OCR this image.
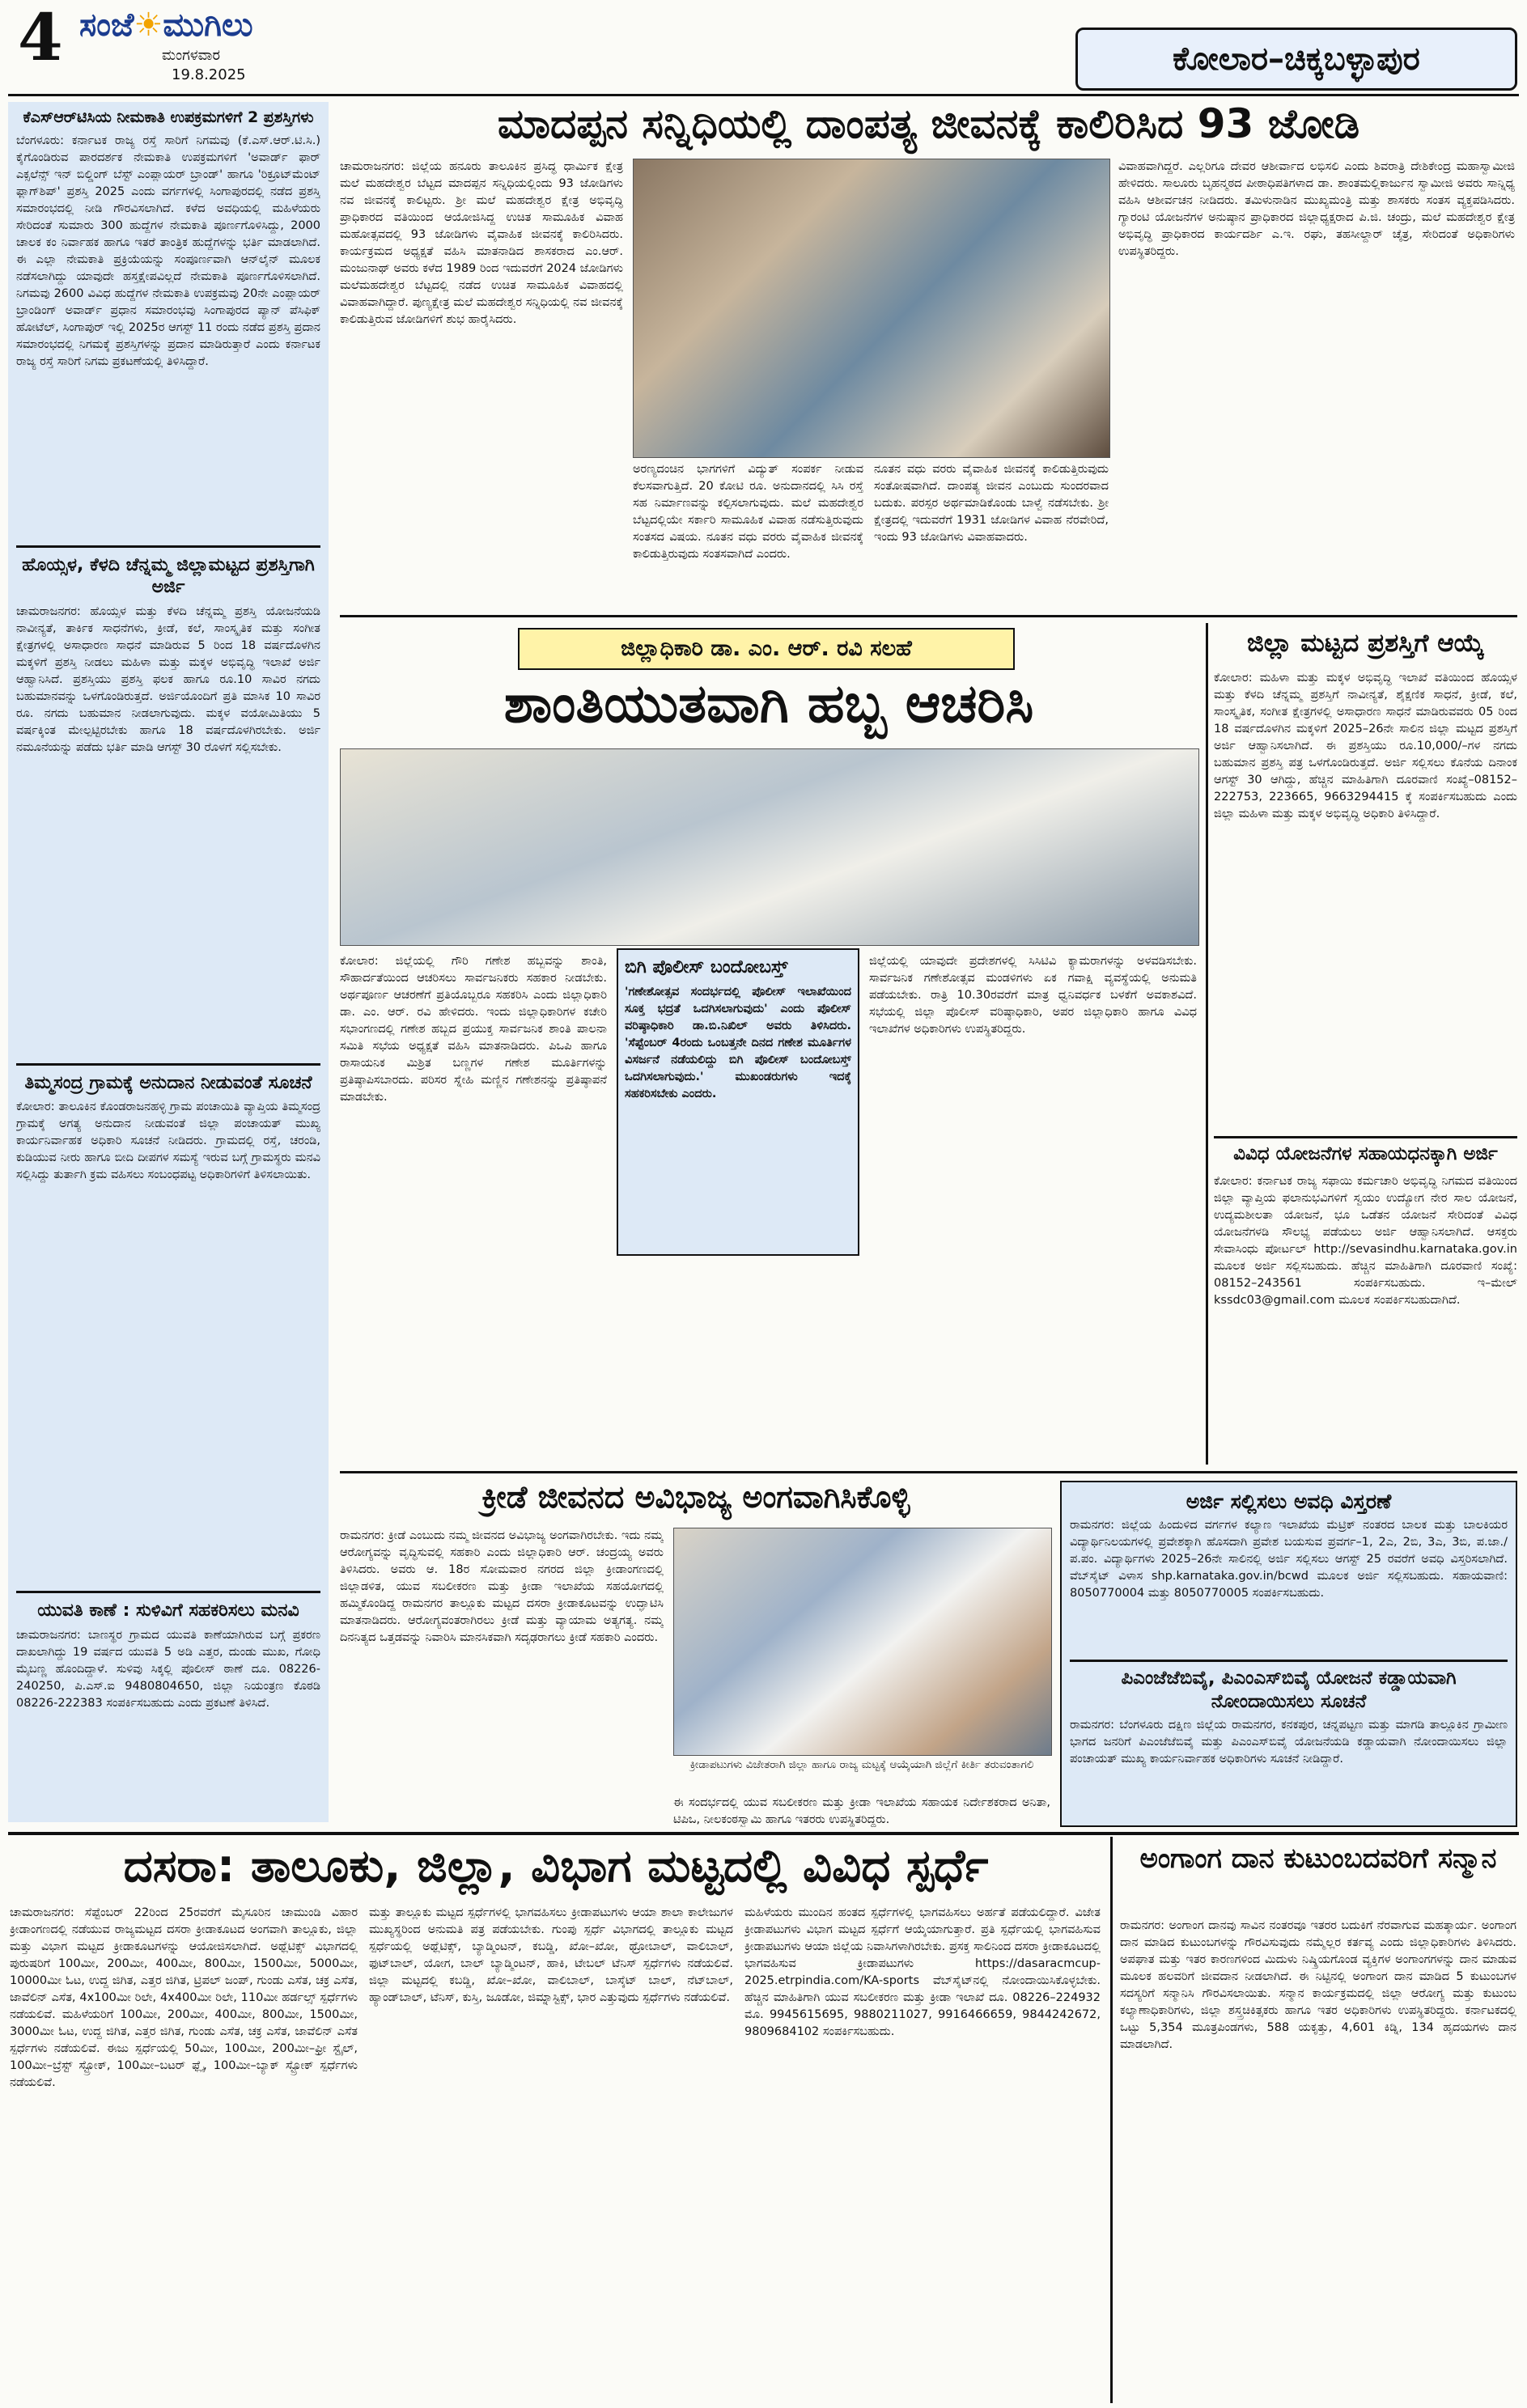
4 ಸಂಜೆ☀ಮುಗಿಲು
ಮಂಗಳವಾರ
19.8.2025	ಕೋಲಾರ–ಚಿಕ್ಕಬಳ್ಳಾಪುರ
ಕೆಎಸ್‌ಆರ್‌ಟಿಸಿಯ ನೀಮಕಾತಿ ಉಪಕ್ರಮಗಳಿಗೆ 2 ಪ್ರಶಸ್ತಿಗಳು
ಬೆಂಗಳೂರು: ಕರ್ನಾಟಕ ರಾಜ್ಯ ರಸ್ತೆ ಸಾರಿಗೆ ನಿಗಮವು (ಕೆ.ಎಸ್.ಆರ್.ಟಿ.ಸಿ.) ಕೈಗೊಂಡಿರುವ ಪಾರದರ್ಶಕ ನೇಮಕಾತಿ ಉಪಕ್ರಮಗಳಿಗೆ 'ಅವಾರ್ಡ್ ಫಾರ್ ಎಕ್ಸಲೆನ್ಸ್ ಇನ್ ಬಿಲ್ಡಿಂಗ್ ಬೆಸ್ಟ್ ಎಂಪ್ಲಾಯರ್ ಬ್ರಾಂಡ್' ಹಾಗೂ 'ರಿಕ್ರೂಟ್‌ಮೆಂಟ್ ಫ್ಲಾಗ್‌ಶಿಪ್' ಪ್ರಶಸ್ತಿ 2025 ಎಂದು ವರ್ಗಗಳಲ್ಲಿ ಸಿಂಗಾಪುರದಲ್ಲಿ ನಡೆದ ಪ್ರಶಸ್ತಿ ಸಮಾರಂಭದಲ್ಲಿ ನೀಡಿ ಗೌರವಿಸಲಾಗಿದೆ. ಕಳೆದ ಅವಧಿಯಲ್ಲಿ ಮಹಿಳೆಯರು ಸೇರಿದಂತೆ ಸುಮಾರು 300 ಹುದ್ದೆಗಳ ನೇಮಕಾತಿ ಪೂರ್ಣಗೊಳಿಸಿದ್ದು, 2000 ಚಾಲಕ ಕಂ ನಿರ್ವಾಹಕ ಹಾಗೂ ಇತರೆ ತಾಂತ್ರಿಕ ಹುದ್ದೆಗಳನ್ನು ಭರ್ತಿ ಮಾಡಲಾಗಿದೆ. ಈ ಎಲ್ಲಾ ನೇಮಕಾತಿ ಪ್ರಕ್ರಿಯೆಯನ್ನು ಸಂಪೂರ್ಣವಾಗಿ ಆನ್‌ಲೈನ್ ಮೂಲಕ ನಡೆಸಲಾಗಿದ್ದು ಯಾವುದೇ ಹಸ್ತಕ್ಷೇಪವಿಲ್ಲದೆ ನೇಮಕಾತಿ ಪೂರ್ಣಗೊಳಿಸಲಾಗಿದೆ. ನಿಗಮವು 2600 ವಿವಿಧ ಹುದ್ದೆಗಳ ನೇಮಕಾತಿ ಉಪಕ್ರಮವು 20ನೇ ಎಂಪ್ಲಾಯರ್ ಬ್ರಾಂಡಿಂಗ್ ಅವಾರ್ಡ್ ಪ್ರಧಾನ ಸಮಾರಂಭವು ಸಿಂಗಾಪುರದ ಪ್ಯಾನ್ ಪೆಸಿಫಿಕ್ ಹೋಟೆಲ್, ಸಿಂಗಾಪುರ್ ಇಲ್ಲಿ 2025ರ ಆಗಸ್ಟ್ 11 ರಂದು ನಡೆದ ಪ್ರಶಸ್ತಿ ಪ್ರದಾನ ಸಮಾರಂಭದಲ್ಲಿ ನಿಗಮಕ್ಕೆ ಪ್ರಶಸ್ತಿಗಳನ್ನು ಪ್ರದಾನ ಮಾಡಿರುತ್ತಾರೆ ಎಂದು ಕರ್ನಾಟಕ ರಾಜ್ಯ ರಸ್ತೆ ಸಾರಿಗೆ ನಿಗಮ ಪ್ರಕಟಣೆಯಲ್ಲಿ ತಿಳಿಸಿದ್ದಾರೆ.
ಹೊಯ್ಸಳ, ಕೆಳದಿ ಚೆನ್ನಮ್ಮ ಜಿಲ್ಲಾಮಟ್ಟದ ಪ್ರಶಸ್ತಿಗಾಗಿ ಅರ್ಜಿ
ಚಾಮರಾಜನಗರ: ಹೊಯ್ಸಳ ಮತ್ತು ಕೆಳದಿ ಚೆನ್ನಮ್ಮ ಪ್ರಶಸ್ತಿ ಯೋಜನೆಯಡಿ ನಾವೀನ್ಯತೆ, ತಾರ್ಕಿಕ ಸಾಧನೆಗಳು, ಕ್ರೀಡೆ, ಕಲೆ, ಸಾಂಸ್ಕೃತಿಕ ಮತ್ತು ಸಂಗೀತ ಕ್ಷೇತ್ರಗಳಲ್ಲಿ ಅಸಾಧಾರಣ ಸಾಧನೆ ಮಾಡಿರುವ 5 ರಿಂದ 18 ವರ್ಷದೊಳಗಿನ ಮಕ್ಕಳಿಗೆ ಪ್ರಶಸ್ತಿ ನೀಡಲು ಮಹಿಳಾ ಮತ್ತು ಮಕ್ಕಳ ಅಭಿವೃದ್ಧಿ ಇಲಾಖೆ ಅರ್ಜಿ ಆಹ್ವಾನಿಸಿದೆ. ಪ್ರಶಸ್ತಿಯು ಪ್ರಶಸ್ತಿ ಫಲಕ ಹಾಗೂ ರೂ.10 ಸಾವಿರ ನಗದು ಬಹುಮಾನವನ್ನು ಒಳಗೊಂಡಿರುತ್ತದೆ. ಅರ್ಜಿಯೊಂದಿಗೆ ಪ್ರತಿ ಮಾಸಿಕ 10 ಸಾವಿರ ರೂ. ನಗದು ಬಹುಮಾನ ನೀಡಲಾಗುವುದು. ಮಕ್ಕಳ ವಯೋಮಿತಿಯು 5 ವರ್ಷಕ್ಕಿಂತ ಮೇಲ್ಪಟ್ಟಿರಬೇಕು ಹಾಗೂ 18 ವರ್ಷದೊಳಗಿರಬೇಕು. ಅರ್ಜಿ ನಮೂನೆಯನ್ನು ಪಡೆದು ಭರ್ತಿ ಮಾಡಿ ಆಗಸ್ಟ್ 30 ರೊಳಗೆ ಸಲ್ಲಿಸಬೇಕು.
ತಿಮ್ಮಸಂದ್ರ ಗ್ರಾಮಕ್ಕೆ ಅನುದಾನ ನೀಡುವಂತೆ ಸೂಚನೆ
ಕೋಲಾರ: ತಾಲೂಕಿನ ಕೊಂಡರಾಜನಹಳ್ಳಿ ಗ್ರಾಮ ಪಂಚಾಯಿತಿ ವ್ಯಾಪ್ತಿಯ ತಿಮ್ಮಸಂದ್ರ ಗ್ರಾಮಕ್ಕೆ ಅಗತ್ಯ ಅನುದಾನ ನೀಡುವಂತೆ ಜಿಲ್ಲಾ ಪಂಚಾಯತ್ ಮುಖ್ಯ ಕಾರ್ಯನಿರ್ವಾಹಕ ಅಧಿಕಾರಿ ಸೂಚನೆ ನೀಡಿದರು. ಗ್ರಾಮದಲ್ಲಿ ರಸ್ತೆ, ಚರಂಡಿ, ಕುಡಿಯುವ ನೀರು ಹಾಗೂ ಬೀದಿ ದೀಪಗಳ ಸಮಸ್ಯೆ ಇರುವ ಬಗ್ಗೆ ಗ್ರಾಮಸ್ಥರು ಮನವಿ ಸಲ್ಲಿಸಿದ್ದು ತುರ್ತಾಗಿ ಕ್ರಮ ವಹಿಸಲು ಸಂಬಂಧಪಟ್ಟ ಅಧಿಕಾರಿಗಳಿಗೆ ತಿಳಿಸಲಾಯಿತು.
ಯುವತಿ ಕಾಣೆ : ಸುಳಿವಿಗೆ ಸಹಕರಿಸಲು ಮನವಿ
ಚಾಮರಾಜನಗರ: ಬಾಣಸ್ಥರ ಗ್ರಾಮದ ಯುವತಿ ಕಾಣೆಯಾಗಿರುವ ಬಗ್ಗೆ ಪ್ರಕರಣ ದಾಖಲಾಗಿದ್ದು 19 ವರ್ಷದ ಯುವತಿ 5 ಅಡಿ ಎತ್ತರ, ದುಂಡು ಮುಖ, ಗೋಧಿ ಮೈಬಣ್ಣ ಹೊಂದಿದ್ದಾಳೆ. ಸುಳಿವು ಸಿಕ್ಕಲ್ಲಿ ಪೊಲೀಸ್ ಠಾಣೆ ದೂ. 08226-240250, ಪಿ.ಎಸ್.ಐ 9480804650, ಜಿಲ್ಲಾ ನಿಯಂತ್ರಣ ಕೊಠಡಿ 08226-222383 ಸಂಪರ್ಕಿಸಬಹುದು ಎಂದು ಪ್ರಕಟಣೆ ತಿಳಿಸಿದೆ.
ಮಾದಪ್ಪನ ಸನ್ನಿಧಿಯಲ್ಲಿ ದಾಂಪತ್ಯ ಜೀವನಕ್ಕೆ ಕಾಲಿರಿಸಿದ 93 ಜೋಡಿ
ಚಾಮರಾಜನಗರ: ಜಿಲ್ಲೆಯ ಹನೂರು ತಾಲೂಕಿನ ಪ್ರಸಿದ್ಧ ಧಾರ್ಮಿಕ ಕ್ಷೇತ್ರ ಮಲೆ ಮಹದೇಶ್ವರ ಬೆಟ್ಟದ ಮಾದಪ್ಪನ ಸನ್ನಿಧಿಯಲ್ಲಿಂದು 93 ಜೋಡಿಗಳು ನವ ಜೀವನಕ್ಕೆ ಕಾಲಿಟ್ಟರು. ಶ್ರೀ ಮಲೆ ಮಹದೇಶ್ವರ ಕ್ಷೇತ್ರ ಅಭಿವೃದ್ಧಿ ಪ್ರಾಧಿಕಾರದ ವತಿಯಿಂದ ಆಯೋಜಿಸಿದ್ದ ಉಚಿತ ಸಾಮೂಹಿಕ ವಿವಾಹ ಮಹೋತ್ಸವದಲ್ಲಿ 93 ಜೋಡಿಗಳು ವೈವಾಹಿಕ ಜೀವನಕ್ಕೆ ಕಾಲಿರಿಸಿದರು. ಕಾರ್ಯಕ್ರಮದ ಅಧ್ಯಕ್ಷತೆ ವಹಿಸಿ ಮಾತನಾಡಿದ ಶಾಸಕರಾದ ಎಂ.ಆರ್. ಮಂಜುನಾಥ್ ಅವರು ಕಳೆದ 1989 ರಿಂದ ಇದುವರೆಗೆ 2024 ಜೋಡಿಗಳು ಮಲೆಮಹದೇಶ್ವರ ಬೆಟ್ಟದಲ್ಲಿ ನಡೆದ ಉಚಿತ ಸಾಮೂಹಿಕ ವಿವಾಹದಲ್ಲಿ ವಿವಾಹವಾಗಿದ್ದಾರೆ. ಪುಣ್ಯಕ್ಷೇತ್ರ ಮಲೆ ಮಹದೇಶ್ವರ ಸನ್ನಿಧಿಯಲ್ಲಿ ನವ ಜೀವನಕ್ಕೆ ಕಾಲಿಡುತ್ತಿರುವ ಜೋಡಿಗಳಿಗೆ ಶುಭ ಹಾರೈಸಿದರು.
ಅರಣ್ಯದಂಚಿನ ಭಾಗಗಳಿಗೆ ವಿದ್ಯುತ್ ಸಂಪರ್ಕ ನೀಡುವ ಕೆಲಸವಾಗುತ್ತಿದೆ. 20 ಕೋಟಿ ರೂ. ಅನುದಾನದಲ್ಲಿ ಸಿಸಿ ರಸ್ತೆ ಸಹ ನಿರ್ಮಾಣವನ್ನು ಕಲ್ಪಿಸಲಾಗುವುದು. ಮಲೆ ಮಹದೇಶ್ವರ ಬೆಟ್ಟದಲ್ಲಿಯೇ ಸರ್ಕಾರಿ ಸಾಮೂಹಿಕ ವಿವಾಹ ನಡೆಸುತ್ತಿರುವುದು ಸಂತಸದ ವಿಷಯ. ನೂತನ ವಧು ವರರು ವೈವಾಹಿಕ ಜೀವನಕ್ಕೆ ಕಾಲಿಡುತ್ತಿರುವುದು ಸಂತಸವಾಗಿದೆ ಎಂದರು.
ನೂತನ ವಧು ವರರು ವೈವಾಹಿಕ ಜೀವನಕ್ಕೆ ಕಾಲಿಡುತ್ತಿರುವುದು ಸಂತೋಷವಾಗಿದೆ. ದಾಂಪತ್ಯ ಜೀವನ ಎಂಬುದು ಸುಂದರವಾದ ಬದುಕು. ಪರಸ್ಪರ ಅರ್ಥಮಾಡಿಕೊಂಡು ಬಾಳ್ವೆ ನಡೆಸಬೇಕು. ಶ್ರೀ ಕ್ಷೇತ್ರದಲ್ಲಿ ಇದುವರೆಗೆ 1931 ಜೋಡಿಗಳ ವಿವಾಹ ನೆರವೇರಿದೆ, ಇಂದು 93 ಜೋಡಿಗಳು ವಿವಾಹವಾದರು.
ವಿವಾಹವಾಗಿದ್ದರೆ. ಎಲ್ಲರಿಗೂ ದೇವರ ಆಶೀರ್ವಾದ ಲಭಿಸಲಿ ಎಂದು ಶಿವರಾತ್ರಿ ದೇಶಿಕೇಂದ್ರ ಮಹಾಸ್ವಾಮೀಜಿ ಹೇಳಿದರು. ಸಾಲೂರು ಬೃಹನ್ಮಠದ ಪೀಠಾಧಿಪತಿಗಳಾದ ಡಾ. ಶಾಂತಮಲ್ಲಿಕಾರ್ಜುನ ಸ್ವಾಮೀಜಿ ಅವರು ಸಾನ್ನಿಧ್ಯ ವಹಿಸಿ ಆಶೀರ್ವಚನ ನೀಡಿದರು. ತಮಿಳುನಾಡಿನ ಮುಖ್ಯಮಂತ್ರಿ ಮತ್ತು ಶಾಸಕರು ಸಂತಸ ವ್ಯಕ್ತಪಡಿಸಿದರು. ಗ್ಯಾರಂಟಿ ಯೋಜನೆಗಳ ಅನುಷ್ಠಾನ ಪ್ರಾಧಿಕಾರದ ಜಿಲ್ಲಾಧ್ಯಕ್ಷರಾದ ಪಿ.ಜಿ. ಚಂದ್ರು, ಮಲೆ ಮಹದೇಶ್ವರ ಕ್ಷೇತ್ರ ಅಭಿವೃದ್ಧಿ ಪ್ರಾಧಿಕಾರದ ಕಾರ್ಯದರ್ಶಿ ಎ.ಇ. ರಘು, ತಹಸೀಲ್ದಾರ್ ಚೈತ್ರ, ಸೇರಿದಂತೆ ಅಧಿಕಾರಿಗಳು ಉಪಸ್ಥಿತರಿದ್ದರು.
ಜಿಲ್ಲಾಧಿಕಾರಿ ಡಾ. ಎಂ. ಆರ್. ರವಿ ಸಲಹೆ
ಶಾಂತಿಯುತವಾಗಿ ಹಬ್ಬ ಆಚರಿಸಿ
ಕೋಲಾರ: ಜಿಲ್ಲೆಯಲ್ಲಿ ಗೌರಿ ಗಣೇಶ ಹಬ್ಬವನ್ನು ಶಾಂತಿ, ಸೌಹಾರ್ದತೆಯಿಂದ ಆಚರಿಸಲು ಸಾರ್ವಜನಿಕರು ಸಹಕಾರ ನೀಡಬೇಕು. ಅರ್ಥಪೂರ್ಣ ಆಚರಣೆಗೆ ಪ್ರತಿಯೊಬ್ಬರೂ ಸಹಕರಿಸಿ ಎಂದು ಜಿಲ್ಲಾಧಿಕಾರಿ ಡಾ. ಎಂ. ಆರ್. ರವಿ ಹೇಳಿದರು. ಇಂದು ಜಿಲ್ಲಾಧಿಕಾರಿಗಳ ಕಚೇರಿ ಸಭಾಂಗಣದಲ್ಲಿ ಗಣೇಶ ಹಬ್ಬದ ಪ್ರಯುಕ್ತ ಸಾರ್ವಜನಿಕ ಶಾಂತಿ ಪಾಲನಾ ಸಮಿತಿ ಸಭೆಯ ಅಧ್ಯಕ್ಷತೆ ವಹಿಸಿ ಮಾತನಾಡಿದರು. ಪಿಒಪಿ ಹಾಗೂ ರಾಸಾಯನಿಕ ಮಿಶ್ರಿತ ಬಣ್ಣಗಳ ಗಣೇಶ ಮೂರ್ತಿಗಳನ್ನು ಪ್ರತಿಷ್ಠಾಪಿಸಬಾರದು. ಪರಿಸರ ಸ್ನೇಹಿ ಮಣ್ಣಿನ ಗಣೇಶನನ್ನು ಪ್ರತಿಷ್ಠಾಪನೆ ಮಾಡಬೇಕು.
ಬಿಗಿ ಪೊಲೀಸ್ ಬಂದೋಬಸ್ತ್
'ಗಣೇಶೋತ್ಸವ ಸಂದರ್ಭದಲ್ಲಿ ಪೊಲೀಸ್ ಇಲಾಖೆಯಿಂದ ಸೂಕ್ತ ಭದ್ರತೆ ಒದಗಿಸಲಾಗುವುದು' ಎಂದು ಪೊಲೀಸ್ ವರಿಷ್ಠಾಧಿಕಾರಿ ಡಾ.ಬಿ.ನಿಖಿಲ್ ಅವರು ತಿಳಿಸಿದರು. 'ಸೆಪ್ಟೆಂಬರ್ 4ರಂದು ಒಂಬತ್ತನೇ ದಿನದ ಗಣೇಶ ಮೂರ್ತಿಗಳ ವಿಸರ್ಜನೆ ನಡೆಯಲಿದ್ದು ಬಿಗಿ ಪೊಲೀಸ್ ಬಂದೋಬಸ್ತ್ ಒದಗಿಸಲಾಗುವುದು.' ಮುಖಂಡರುಗಳು ಇದಕ್ಕೆ ಸಹಕರಿಸಬೇಕು ಎಂದರು.
ಜಿಲ್ಲೆಯಲ್ಲಿ ಯಾವುದೇ ಪ್ರದೇಶಗಳಲ್ಲಿ ಸಿಸಿಟಿವಿ ಕ್ಯಾಮರಾಗಳನ್ನು ಅಳವಡಿಸಬೇಕು. ಸಾರ್ವಜನಿಕ ಗಣೇಶೋತ್ಸವ ಮಂಡಳಿಗಳು ಏಕ ಗವಾಕ್ಷಿ ವ್ಯವಸ್ಥೆಯಲ್ಲಿ ಅನುಮತಿ ಪಡೆಯಬೇಕು. ರಾತ್ರಿ 10.30ರವರೆಗೆ ಮಾತ್ರ ಧ್ವನಿವರ್ಧಕ ಬಳಕೆಗೆ ಅವಕಾಶವಿದೆ. ಸಭೆಯಲ್ಲಿ ಜಿಲ್ಲಾ ಪೊಲೀಸ್ ವರಿಷ್ಠಾಧಿಕಾರಿ, ಅಪರ ಜಿಲ್ಲಾಧಿಕಾರಿ ಹಾಗೂ ವಿವಿಧ ಇಲಾಖೆಗಳ ಅಧಿಕಾರಿಗಳು ಉಪಸ್ಥಿತರಿದ್ದರು.
ಜಿಲ್ಲಾ ಮಟ್ಟದ ಪ್ರಶಸ್ತಿಗೆ ಆಯ್ಕೆ
ಕೋಲಾರ: ಮಹಿಳಾ ಮತ್ತು ಮಕ್ಕಳ ಅಭಿವೃದ್ಧಿ ಇಲಾಖೆ ವತಿಯಿಂದ ಹೊಯ್ಸಳ ಮತ್ತು ಕೆಳದಿ ಚೆನ್ನಮ್ಮ ಪ್ರಶಸ್ತಿಗೆ ನಾವೀನ್ಯತೆ, ಶೈಕ್ಷಣಿಕ ಸಾಧನೆ, ಕ್ರೀಡೆ, ಕಲೆ, ಸಾಂಸ್ಕೃತಿಕ, ಸಂಗೀತ ಕ್ಷೇತ್ರಗಳಲ್ಲಿ ಅಸಾಧಾರಣ ಸಾಧನೆ ಮಾಡಿರುವವರು 05 ರಿಂದ 18 ವರ್ಷದೊಳಗಿನ ಮಕ್ಕಳಿಗೆ 2025–26ನೇ ಸಾಲಿನ ಜಿಲ್ಲಾ ಮಟ್ಟದ ಪ್ರಶಸ್ತಿಗೆ ಅರ್ಜಿ ಆಹ್ವಾನಿಸಲಾಗಿದೆ. ಈ ಪ್ರಶಸ್ತಿಯು ರೂ.10,000/–ಗಳ ನಗದು ಬಹುಮಾನ ಪ್ರಶಸ್ತಿ ಪತ್ರ ಒಳಗೊಂಡಿರುತ್ತದೆ. ಅರ್ಜಿ ಸಲ್ಲಿಸಲು ಕೊನೆಯ ದಿನಾಂಕ ಆಗಸ್ಟ್ 30 ಆಗಿದ್ದು, ಹೆಚ್ಚಿನ ಮಾಹಿತಿಗಾಗಿ ದೂರವಾಣಿ ಸಂಖ್ಯೆ–08152–222753, 223665, 9663294415 ಕ್ಕೆ ಸಂಪರ್ಕಿಸಬಹುದು ಎಂದು ಜಿಲ್ಲಾ ಮಹಿಳಾ ಮತ್ತು ಮಕ್ಕಳ ಅಭಿವೃದ್ಧಿ ಅಧಿಕಾರಿ ತಿಳಿಸಿದ್ದಾರೆ.
ವಿವಿಧ ಯೋಜನೆಗಳ ಸಹಾಯಧನಕ್ಕಾಗಿ ಅರ್ಜಿ
ಕೋಲಾರ: ಕರ್ನಾಟಕ ರಾಜ್ಯ ಸಫಾಯಿ ಕರ್ಮಚಾರಿ ಅಭಿವೃದ್ಧಿ ನಿಗಮದ ವತಿಯಿಂದ ಜಿಲ್ಲಾ ವ್ಯಾಪ್ತಿಯ ಫಲಾನುಭವಿಗಳಿಗೆ ಸ್ವಯಂ ಉದ್ಯೋಗ ನೇರ ಸಾಲ ಯೋಜನೆ, ಉದ್ಯಮಶೀಲತಾ ಯೋಜನೆ, ಭೂ ಒಡೆತನ ಯೋಜನೆ ಸೇರಿದಂತೆ ವಿವಿಧ ಯೋಜನೆಗಳಡಿ ಸೌಲಭ್ಯ ಪಡೆಯಲು ಅರ್ಜಿ ಆಹ್ವಾನಿಸಲಾಗಿದೆ. ಆಸಕ್ತರು ಸೇವಾಸಿಂಧು ಪೋರ್ಟಲ್ http://sevasindhu.karnataka.gov.in ಮೂಲಕ ಅರ್ಜಿ ಸಲ್ಲಿಸಬಹುದು. ಹೆಚ್ಚಿನ ಮಾಹಿತಿಗಾಗಿ ದೂರವಾಣಿ ಸಂಖ್ಯೆ: 08152–243561 ಸಂಪರ್ಕಿಸಬಹುದು. ಇ–ಮೇಲ್ kssdc03@gmail.com ಮೂಲಕ ಸಂಪರ್ಕಿಸಬಹುದಾಗಿದೆ.
ಕ್ರೀಡೆ ಜೀವನದ ಅವಿಭಾಜ್ಯ ಅಂಗವಾಗಿಸಿಕೊಳ್ಳಿ
ರಾಮನಗರ: ಕ್ರೀಡೆ ಎಂಬುದು ನಮ್ಮ ಜೀವನದ ಅವಿಭಾಜ್ಯ ಅಂಗವಾಗಿರಬೇಕು. ಇದು ನಮ್ಮ ಆರೋಗ್ಯವನ್ನು ವೃದ್ಧಿಸುವಲ್ಲಿ ಸಹಕಾರಿ ಎಂದು ಜಿಲ್ಲಾಧಿಕಾರಿ ಆರ್. ಚಂದ್ರಯ್ಯ ಅವರು ತಿಳಿಸಿದರು. ಅವರು ಆ. 18ರ ಸೋಮವಾರ ನಗರದ ಜಿಲ್ಲಾ ಕ್ರೀಡಾಂಗಣದಲ್ಲಿ ಜಿಲ್ಲಾಡಳಿತ, ಯುವ ಸಬಲೀಕರಣ ಮತ್ತು ಕ್ರೀಡಾ ಇಲಾಖೆಯ ಸಹಯೋಗದಲ್ಲಿ ಹಮ್ಮಿಕೊಂಡಿದ್ದ ರಾಮನಗರ ತಾಲ್ಲೂಕು ಮಟ್ಟದ ದಸರಾ ಕ್ರೀಡಾಕೂಟವನ್ನು ಉದ್ಘಾಟಿಸಿ ಮಾತನಾಡಿದರು. ಆರೋಗ್ಯವಂತರಾಗಿರಲು ಕ್ರೀಡೆ ಮತ್ತು ವ್ಯಾಯಾಮ ಅತ್ಯಗತ್ಯ. ನಮ್ಮ ದಿನನಿತ್ಯದ ಒತ್ತಡವನ್ನು ನಿವಾರಿಸಿ ಮಾನಸಿಕವಾಗಿ ಸದೃಢರಾಗಲು ಕ್ರೀಡೆ ಸಹಕಾರಿ ಎಂದರು.
ಕ್ರೀಡಾಪಟುಗಳು ವಿಜೇತರಾಗಿ ಜಿಲ್ಲಾ ಹಾಗೂ ರಾಜ್ಯ ಮಟ್ಟಕ್ಕೆ ಆಯ್ಕೆಯಾಗಿ ಜಿಲ್ಲೆಗೆ ಕೀರ್ತಿ ತರುವಂತಾಗಲಿ
ಈ ಸಂದರ್ಭದಲ್ಲಿ ಯುವ ಸಬಲೀಕರಣ ಮತ್ತು ಕ್ರೀಡಾ ಇಲಾಖೆಯ ಸಹಾಯಕ ನಿರ್ದೇಶಕರಾದ ಅನಿತಾ, ಟಿಪಿಒ, ನೀಲಕಂಠಸ್ವಾಮಿ ಹಾಗೂ ಇತರರು ಉಪಸ್ಥಿತರಿದ್ದರು.
ಅರ್ಜಿ ಸಲ್ಲಿಸಲು ಅವಧಿ ವಿಸ್ತರಣೆ
ರಾಮನಗರ: ಜಿಲ್ಲೆಯ ಹಿಂದುಳಿದ ವರ್ಗಗಳ ಕಲ್ಯಾಣ ಇಲಾಖೆಯ ಮೆಟ್ರಿಕ್ ನಂತರದ ಬಾಲಕ ಮತ್ತು ಬಾಲಕಿಯರ ವಿದ್ಯಾರ್ಥಿನಿಲಯಗಳಲ್ಲಿ ಪ್ರವೇಶಕ್ಕಾಗಿ ಹೊಸದಾಗಿ ಪ್ರವೇಶ ಬಯಸುವ ಪ್ರವರ್ಗ–1, 2ಎ, 2ಬಿ, 3ಎ, 3ಬಿ, ಪ.ಜಾ./ಪ.ಪಂ. ವಿದ್ಯಾರ್ಥಿಗಳು 2025–26ನೇ ಸಾಲಿನಲ್ಲಿ ಅರ್ಜಿ ಸಲ್ಲಿಸಲು ಆಗಸ್ಟ್ 25 ರವರೆಗೆ ಅವಧಿ ವಿಸ್ತರಿಸಲಾಗಿದೆ. ವೆಬ್‌ಸೈಟ್ ವಿಳಾಸ shp.karnataka.gov.in/bcwd ಮೂಲಕ ಅರ್ಜಿ ಸಲ್ಲಿಸಬಹುದು. ಸಹಾಯವಾಣಿ: 8050770004 ಮತ್ತು 8050770005 ಸಂಪರ್ಕಿಸಬಹುದು.
ಪಿಎಂಜೆಜೆಬಿವೈ, ಪಿಎಂಎಸ್‌ಬಿವೈ ಯೋಜನೆ ಕಡ್ಡಾಯವಾಗಿ ನೋಂದಾಯಿಸಲು ಸೂಚನೆ
ರಾಮನಗರ: ಬೆಂಗಳೂರು ದಕ್ಷಿಣ ಜಿಲ್ಲೆಯ ರಾಮನಗರ, ಕನಕಪುರ, ಚನ್ನಪಟ್ಟಣ ಮತ್ತು ಮಾಗಡಿ ತಾಲ್ಲೂಕಿನ ಗ್ರಾಮೀಣ ಭಾಗದ ಜನರಿಗೆ ಪಿಎಂಜೆಜೆಬಿವೈ ಮತ್ತು ಪಿಎಂಎಸ್‌ಬಿವೈ ಯೋಜನೆಯಡಿ ಕಡ್ಡಾಯವಾಗಿ ನೋಂದಾಯಿಸಲು ಜಿಲ್ಲಾ ಪಂಚಾಯತ್ ಮುಖ್ಯ ಕಾರ್ಯನಿರ್ವಾಹಕ ಅಧಿಕಾರಿಗಳು ಸೂಚನೆ ನೀಡಿದ್ದಾರೆ.
ದಸರಾ: ತಾಲೂಕು, ಜಿಲ್ಲಾ, ವಿಭಾಗ ಮಟ್ಟದಲ್ಲಿ ವಿವಿಧ ಸ್ಪರ್ಧೆ
ಚಾಮರಾಜನಗರ: ಸೆಪ್ಟೆಂಬರ್ 22ರಿಂದ 25ರವರೆಗೆ ಮೈಸೂರಿನ ಚಾಮುಂಡಿ ವಿಹಾರ ಕ್ರೀಡಾಂಗಣದಲ್ಲಿ ನಡೆಯುವ ರಾಜ್ಯಮಟ್ಟದ ದಸರಾ ಕ್ರೀಡಾಕೂಟದ ಅಂಗವಾಗಿ ತಾಲ್ಲೂಕು, ಜಿಲ್ಲಾ ಮತ್ತು ವಿಭಾಗ ಮಟ್ಟದ ಕ್ರೀಡಾಕೂಟಗಳನ್ನು ಆಯೋಜಿಸಲಾಗಿದೆ. ಅಥ್ಲೆಟಿಕ್ಸ್ ವಿಭಾಗದಲ್ಲಿ ಪುರುಷರಿಗೆ 100ಮೀ, 200ಮೀ, 400ಮೀ, 800ಮೀ, 1500ಮೀ, 5000ಮೀ, 10000ಮೀ ಓಟ, ಉದ್ದ ಜಿಗಿತ, ಎತ್ತರ ಜಿಗಿತ, ಟ್ರಿಪಲ್ ಜಂಪ್, ಗುಂಡು ಎಸೆತ, ಚಕ್ರ ಎಸೆತ, ಜಾವೆಲಿನ್ ಎಸೆತ, 4x100ಮೀ ರಿಲೇ, 4x400ಮೀ ರಿಲೇ, 110ಮೀ ಹರ್ಡಲ್ಸ್ ಸ್ಪರ್ಧೆಗಳು ನಡೆಯಲಿವೆ. ಮಹಿಳೆಯರಿಗೆ 100ಮೀ, 200ಮೀ, 400ಮೀ, 800ಮೀ, 1500ಮೀ, 3000ಮೀ ಓಟ, ಉದ್ದ ಜಿಗಿತ, ಎತ್ತರ ಜಿಗಿತ, ಗುಂಡು ಎಸೆತ, ಚಕ್ರ ಎಸೆತ, ಜಾವೆಲಿನ್ ಎಸೆತ ಸ್ಪರ್ಧೆಗಳು ನಡೆಯಲಿವೆ. ಈಜು ಸ್ಪರ್ಧೆಯಲ್ಲಿ 50ಮೀ, 100ಮೀ, 200ಮೀ–ಫ್ರೀ ಸ್ಟೈಲ್, 100ಮೀ–ಬ್ರೆಸ್ಟ್ ಸ್ಟ್ರೋಕ್, 100ಮೀ–ಬಟರ್ ಫ್ಲೈ, 100ಮೀ–ಬ್ಯಾಕ್ ಸ್ಟ್ರೋಕ್ ಸ್ಪರ್ಧೆಗಳು ನಡೆಯಲಿವೆ.
ಮತ್ತು ತಾಲ್ಲೂಕು ಮಟ್ಟದ ಸ್ಪರ್ಧೆಗಳಲ್ಲಿ ಭಾಗವಹಿಸಲು ಕ್ರೀಡಾಪಟುಗಳು ಆಯಾ ಶಾಲಾ ಕಾಲೇಜುಗಳ ಮುಖ್ಯಸ್ಥರಿಂದ ಅನುಮತಿ ಪತ್ರ ಪಡೆಯಬೇಕು. ಗುಂಪು ಸ್ಪರ್ಧೆ ವಿಭಾಗದಲ್ಲಿ ತಾಲ್ಲೂಕು ಮಟ್ಟದ ಸ್ಪರ್ಧೆಯಲ್ಲಿ ಅಥ್ಲೆಟಿಕ್ಸ್, ಬ್ಯಾಡ್ಮಿಂಟನ್, ಕಬಡ್ಡಿ, ಖೋ–ಖೋ, ಥ್ರೋಬಾಲ್, ವಾಲಿಬಾಲ್, ಫುಟ್‌ಬಾಲ್, ಯೋಗ, ಬಾಲ್ ಬ್ಯಾಡ್ಮಿಂಟನ್, ಹಾಕಿ, ಟೇಬಲ್ ಟೆನಿಸ್ ಸ್ಪರ್ಧೆಗಳು ನಡೆಯಲಿವೆ. ಜಿಲ್ಲಾ ಮಟ್ಟದಲ್ಲಿ ಕಬಡ್ಡಿ, ಖೋ–ಖೋ, ವಾಲಿಬಾಲ್, ಬಾಸ್ಕೆಟ್ ಬಾಲ್, ನೆಟ್‌ಬಾಲ್, ಹ್ಯಾಂಡ್‌ಬಾಲ್, ಟೆನಿಸ್, ಕುಸ್ತಿ, ಜೂಡೋ, ಜಿಮ್ನಾಸ್ಟಿಕ್ಸ್, ಭಾರ ಎತ್ತುವುದು ಸ್ಪರ್ಧೆಗಳು ನಡೆಯಲಿವೆ.
ಮಹಿಳೆಯರು ಮುಂದಿನ ಹಂತದ ಸ್ಪರ್ಧೆಗಳಲ್ಲಿ ಭಾಗವಹಿಸಲು ಅರ್ಹತೆ ಪಡೆಯಲಿದ್ದಾರೆ. ವಿಜೇತ ಕ್ರೀಡಾಪಟುಗಳು ವಿಭಾಗ ಮಟ್ಟದ ಸ್ಪರ್ಧೆಗೆ ಆಯ್ಕೆಯಾಗುತ್ತಾರೆ. ಪ್ರತಿ ಸ್ಪರ್ಧೆಯಲ್ಲಿ ಭಾಗವಹಿಸುವ ಕ್ರೀಡಾಪಟುಗಳು ಆಯಾ ಜಿಲ್ಲೆಯ ನಿವಾಸಿಗಳಾಗಿರಬೇಕು. ಪ್ರಸಕ್ತ ಸಾಲಿನಿಂದ ದಸರಾ ಕ್ರೀಡಾಕೂಟದಲ್ಲಿ ಭಾಗವಹಿಸುವ ಕ್ರೀಡಾಪಟುಗಳು https://dasaracmcup-2025.etrpindia.com/KA-sports ವೆಬ್‌ಸೈಟ್‌ನಲ್ಲಿ ನೋಂದಾಯಿಸಿಕೊಳ್ಳಬೇಕು. ಹೆಚ್ಚಿನ ಮಾಹಿತಿಗಾಗಿ ಯುವ ಸಬಲೀಕರಣ ಮತ್ತು ಕ್ರೀಡಾ ಇಲಾಖೆ ದೂ. 08226–224932 ಮೊ. 9945615695, 9880211027, 9916466659, 9844242672, 9809684102 ಸಂಪರ್ಕಿಸಬಹುದು.
ಅಂಗಾಂಗ ದಾನ ಕುಟುಂಬದವರಿಗೆ ಸನ್ಮಾನ
ರಾಮನಗರ: ಅಂಗಾಂಗ ದಾನವು ಸಾವಿನ ನಂತರವೂ ಇತರರ ಬದುಕಿಗೆ ನೆರವಾಗುವ ಮಹತ್ಕಾರ್ಯ. ಅಂಗಾಂಗ ದಾನ ಮಾಡಿದ ಕುಟುಂಬಗಳನ್ನು ಗೌರವಿಸುವುದು ನಮ್ಮೆಲ್ಲರ ಕರ್ತವ್ಯ ಎಂದು ಜಿಲ್ಲಾಧಿಕಾರಿಗಳು ತಿಳಿಸಿದರು. ಅಪಘಾತ ಮತ್ತು ಇತರ ಕಾರಣಗಳಿಂದ ಮಿದುಳು ನಿಷ್ಕ್ರಿಯಗೊಂಡ ವ್ಯಕ್ತಿಗಳ ಅಂಗಾಂಗಗಳನ್ನು ದಾನ ಮಾಡುವ ಮೂಲಕ ಹಲವರಿಗೆ ಜೀವದಾನ ನೀಡಲಾಗಿದೆ. ಈ ನಿಟ್ಟಿನಲ್ಲಿ ಅಂಗಾಂಗ ದಾನ ಮಾಡಿದ 5 ಕುಟುಂಬಗಳ ಸದಸ್ಯರಿಗೆ ಸನ್ಮಾನಿಸಿ ಗೌರವಿಸಲಾಯಿತು. ಸನ್ಮಾನ ಕಾರ್ಯಕ್ರಮದಲ್ಲಿ ಜಿಲ್ಲಾ ಆರೋಗ್ಯ ಮತ್ತು ಕುಟುಂಬ ಕಲ್ಯಾಣಾಧಿಕಾರಿಗಳು, ಜಿಲ್ಲಾ ಶಸ್ತ್ರಚಿಕಿತ್ಸಕರು ಹಾಗೂ ಇತರ ಅಧಿಕಾರಿಗಳು ಉಪಸ್ಥಿತರಿದ್ದರು. ಕರ್ನಾಟಕದಲ್ಲಿ ಒಟ್ಟು 5,354 ಮೂತ್ರಪಿಂಡಗಳು, 588 ಯಕೃತ್ತು, 4,601 ಕಿಡ್ನಿ, 134 ಹೃದಯಗಳು ದಾನ ಮಾಡಲಾಗಿದೆ.
